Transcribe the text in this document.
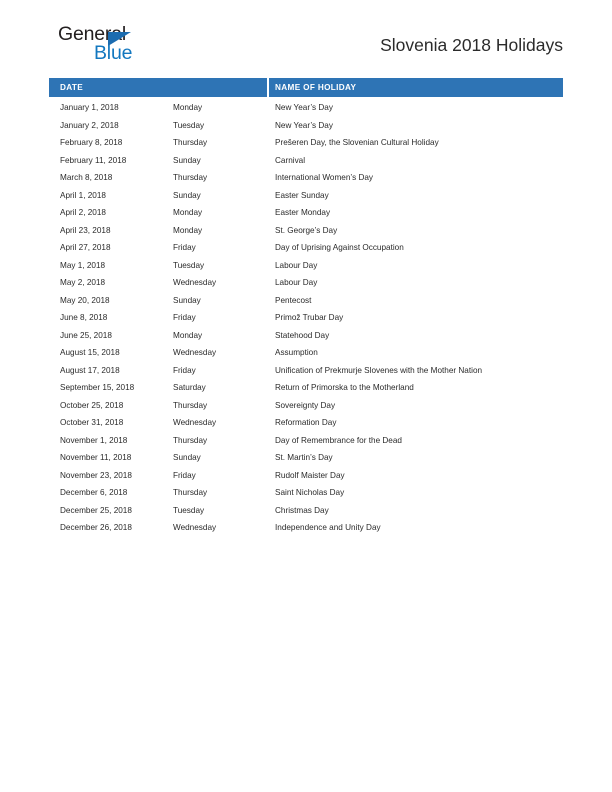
General
Blue	Slovenia 2018 Holidays
DATE	NAME OF HOLIDAY
January 1, 2018	Monday	New Year’s Day
January 2, 2018	Tuesday	New Year’s Day
February 8, 2018	Thursday	Prešeren Day, the Slovenian Cultural Holiday
February 11, 2018	Sunday	Carnival
March 8, 2018	Thursday	International Women’s Day
April 1, 2018	Sunday	Easter Sunday
April 2, 2018	Monday	Easter Monday
April 23, 2018	Monday	St. George’s Day
April 27, 2018	Friday	Day of Uprising Against Occupation
May 1, 2018	Tuesday	Labour Day
May 2, 2018	Wednesday	Labour Day
May 20, 2018	Sunday	Pentecost
June 8, 2018	Friday	Primož Trubar Day
June 25, 2018	Monday	Statehood Day
August 15, 2018	Wednesday	Assumption
August 17, 2018	Friday	Unification of Prekmurje Slovenes with the Mother Nation
September 15, 2018	Saturday	Return of Primorska to the Motherland
October 25, 2018	Thursday	Sovereignty Day
October 31, 2018	Wednesday	Reformation Day
November 1, 2018	Thursday	Day of Remembrance for the Dead
November 11, 2018	Sunday	St. Martin’s Day
November 23, 2018	Friday	Rudolf Maister Day
December 6, 2018	Thursday	Saint Nicholas Day
December 25, 2018	Tuesday	Christmas Day
December 26, 2018	Wednesday	Independence and Unity Day
